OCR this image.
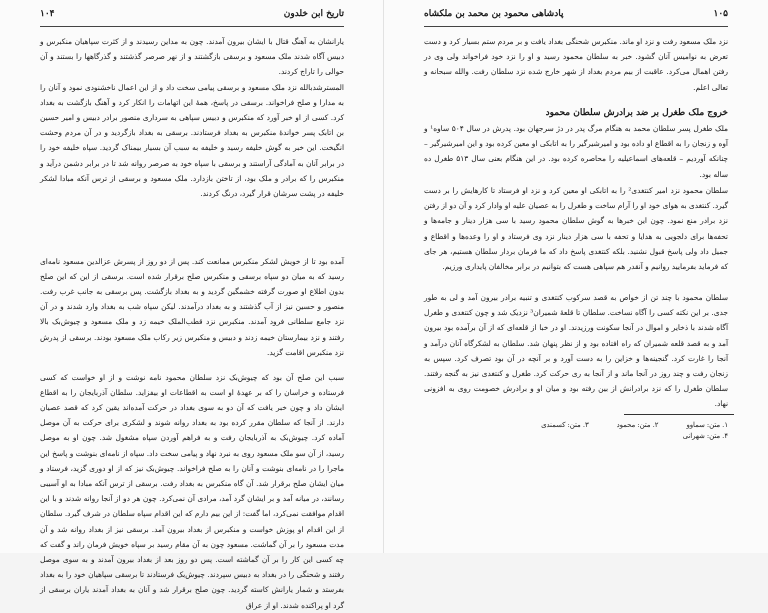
۱۰۴	تاریخ ابن خلدون

یارانشان به آهنگ قتال با ایشان بیرون آمدند. چون به مداین رسیدند و از کثرت سپاهیان منکبرس و دبیس آگاه شدند ملک مسعود و برسقی بازگشتند و از نهر صرصر گذشتند و گذرگاهها را بستند و آن حوالی را تاراج کردند.

المسترشدبالله نزد ملک مسعود و برسقی پیامی سخت داد و از این اعمال ناخشنودی نمود و آنان را به مدارا و صلح فراخواند. برسقی در پاسخ، همهٔ این اتهامات را انکار کرد و آهنگ بازگشت به بغداد کرد. کسی از او خبر آورد که منکبرس و دبیس سپاهی به سرداری منصور برادر دبیس و امیر حسین بن اتابک پسر خواندهٔ منکبرس به بغداد فرستادند. برسقی به بغداد بازگردید و در آن مردم وحشت انگیخت. این خبر به گوش خلیفه رسید و خلیفه به سبب آن بسیار بیمناک گردید. سپاه خلیفه خود را در برابر آنان به آمادگی آراستند و برسقی با سپاه خود به صرصر روانه شد تا در برابر دشمن درآید و منکبرس را که برادر و ملک بود، از تاختن بازدارد. ملک مسعود و برسقی از ترس آنکه مبادا لشکر خلیفه در پشت سرشان قرار گیرد، درنگ کردند.

آمده بود تا از خویش لشکر منکبرس ممانعت کند. پس از دو روز از پسرش عزالدین مسعود نامه‌ای رسید که به میان دو سپاه برسقی و منکبرس صلح برقرار شده است. برسقی از این که این صلح بدون اطلاع او صورت گرفته خشمگین گردید و به بغداد بازگشت. پس برسقی به جانب غرب رفت. منصور و حسین نیز از آب گذشتند و به بغداد درآمدند. لیکن سپاه شب به بغداد وارد شدند و در آن نزد جامع سلطانی فرود آمدند. منکبرس نزد قطب‌الملک خیمه زد و ملک مسعود و چیوش‌بک بالا رفتند و نزد بیمارستان خیمه زدند و دبیس و منکبرس زیر رکاب ملک مسعود بودند. برسقی از پدرش نزد منکبرس اقامت گزید.

سبب این صلح آن بود که چیوش‌بک نزد سلطان محمود نامه نوشت و از او خواست که کسی فرستاده و خراسان را که بر عهدهٔ او است به اقطاعات او بیفزاید. سلطان آذربایجان را به اقطاع ایشان داد و چون خبر یافت که آن دو به سوی بغداد در حرکت آمده‌اند یقین کرد که قصد عصیان دارند. از آنجا که سلطان مقرر کرده بود به بغداد روانه شوند و لشکری برای حرکت به آن موصل آماده کرد. چیوش‌بک به آذربایجان رفت و به فراهم آوردن سپاه مشغول شد. چون او به موصل رسید، از آن سو ملک مسعود روی به نبرد نهاد و پیامی سخت داد. سپاه از نامه‌ای بنوشت و پاسخ این ماجرا را در نامه‌ای بنوشت و آنان را به صلح فراخواند. چیوش‌بک نیز که از او دوری گزید، فرستاد و میان ایشان صلح برقرار شد. آن گاه منکبرس به بغداد رفت. برسقی از ترس آنکه مبادا به او آسیبی رسانند، در میانه آمد و بر ایشان گرد آمد، مرادی آن نمی‌کرد. چون هر دو از آنجا روانه شدند و با این اقدام موافقت نمی‌کرد، اما گفت: از این بیم دارم که این اقدام سپاه سلطان در شرف گیرد. سلطان از این اقدام او پوزش خواست و منکبرس از بغداد بیرون آمد. برسقی نیز از بغداد روانه شد و آن مدت مسعود را بر آن گماشت. مسعود چون به آن مقام رسید بر سپاه خویش فرمان راند و گفت که چه کسی این کار را بر آن گماشته است. پس دو روز بعد از بغداد بیرون آمدند و به سوی موصل رفتند و شحنگی را در بغداد به دبیس سپردند. چیوش‌بک فرستادند تا برسقی سپاهیان خود را به بغداد بفرستد و شمار یارانش کاسته گردید. چون صلح برقرار شد و آنان به بغداد آمدند یاران برسقی از گرد او پراکنده شدند. او از عراق

پادشاهی محمود بن محمد بن ملکشاه	۱۰۵

نزد ملک مسعود رفت و نزد او ماند. منکبرس شحنگی بغداد یافت و بر مردم ستم بسیار کرد و دست تعرض به نوامیس آنان گشود. خبر به سلطان محمود رسید و او را نزد خود فراخواند ولی وی در رفتن اهمال می‌کرد. عاقبت از بیم مردم بغداد از شهر خارج شده نزد سلطان رفت. والله سبحانه و تعالی اعلم.

خروج ملک طغرل بر ضد برادرش سلطان محمود

ملک طغرل پسر سلطان محمد به هنگام مرگ پدر در دژ سرجهان بود. پدرش در سال ۵۰۴ ساوه¹ و آوه و زنجان را به اقطاع او داده بود و امیرشیرگیر را به اتابکی او معین کرده بود و این امیرشیرگیر – چنانکه آوردیم – قلعه‌های اسماعیلیه را محاصره کرده بود. در این هنگام بعنی سال ۵۱۳ طغرل ده ساله بود.

سلطان محمود نزد امیر کنتغدی² را به اتابکی او معین کرد و نزد او فرستاد تا کارهایش را بر دست گیرد. کنتغدی به هوای خود او را آرام ساخت و طغرل را به عصیان علیه او وادار کرد و آن دو از رفتن نزد برادر منع نمود. چون این خبرها به گوش سلطان محمود رسید با سی هزار دینار و جامه‌ها و تحفه‌ها برای دلجویی به هدایا و تحفه با سی هزار دینار نزد وی فرستاد و او را وعده‌ها و اقطاع و جمیل داد ولی پاسخ قبول نشنید. بلکه کنتغدی پاسخ داد که ما فرمان بردار سلطان هستیم، هر جای که فرماید بفرمایید روانیم و آنقدر هم سپاهی هست که بتوانیم در برابر مخالفان پایداری ورزیم.

سلطان محمود با چند تن از خواص به قصد سرکوب کنتغدی و تنبیه برادر بیرون آمد و لی به طور جدی. بر این نکته کسی را آگاه نساخت. سلطان تا قلعهٔ شمیران³ نزدیک شد و چون کنتغدی و طغرل آگاه شدند با ذخایر و اموال در آنجا سکونت ورزیدند. او در خبا از قلعه‌ای که از آن برآمده بود بیرون آمد و به قصد قلعه شمیران که راه افتاده بود و از نظر پنهان شد. سلطان به لشکرگاه آنان درآمد و آنجا را غارت کرد. گنجینه‌ها و خزاین را به دست آورد و بر آنچه در آن بود تصرف کرد. سپس به زنجان رفت و چند روز در آنجا ماند و از آنجا به ری حرکت کرد. طغرل و کنتغدی نیز به گنجه رفتند. سلطان طغرل را که نزد برادرانش از بین رفته بود و میان او و برادرش خصومت روی به افزونی نهاد.

۱. متن: سماوو
۲. متن: محمود
۳. متن: کسمندی
۴. متن: شهرانی
